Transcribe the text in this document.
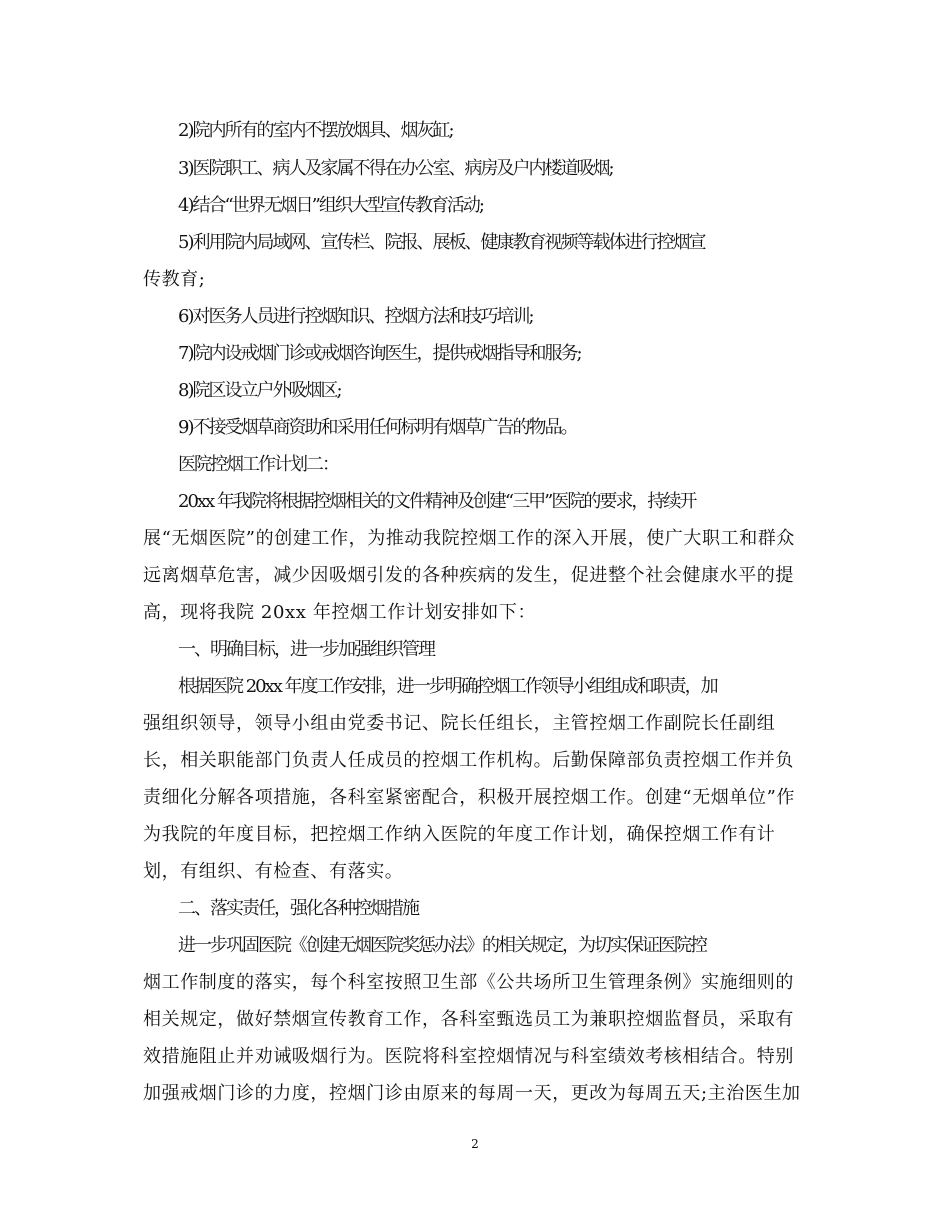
2)院内所有的室内不摆放烟具、烟灰缸;
3)医院职工、病人及家属不得在办公室、病房及户内楼道吸烟;
4)结合“世界无烟日”组织大型宣传教育活动;
5)利用院内局域网、宣传栏、院报、展板、健康教育视频等载体进行控烟宣
传教育;
6)对医务人员进行控烟知识、控烟方法和技巧培训;
7)院内设戒烟门诊或戒烟咨询医生，提供戒烟指导和服务;
8)院区设立户外吸烟区;
9)不接受烟草商资助和采用任何标明有烟草广告的物品。
医院控烟工作计划二：
20xx 年我院将根据控烟相关的文件精神及创建“三甲”医院的要求，持续开
展“无烟医院”的创建工作，为推动我院控烟工作的深入开展，使广大职工和群众
远离烟草危害，减少因吸烟引发的各种疾病的发生，促进整个社会健康水平的提
高，现将我院 20xx 年控烟工作计划安排如下：
一、明确目标，进一步加强组织管理
根据医院 20xx 年度工作安排，进一步明确控烟工作领导小组组成和职责，加
强组织领导，领导小组由党委书记、院长任组长，主管控烟工作副院长任副组
长，相关职能部门负责人任成员的控烟工作机构。后勤保障部负责控烟工作并负
责细化分解各项措施，各科室紧密配合，积极开展控烟工作。创建“无烟单位”作
为我院的年度目标，把控烟工作纳入医院的年度工作计划，确保控烟工作有计
划，有组织、有检查、有落实。
二、落实责任，强化各种控烟措施
进一步巩固医院《创建无烟医院奖惩办法》的相关规定，为切实保证医院控
烟工作制度的落实，每个科室按照卫生部《公共场所卫生管理条例》实施细则的
相关规定，做好禁烟宣传教育工作，各科室甄选员工为兼职控烟监督员，采取有
效措施阻止并劝诫吸烟行为。医院将科室控烟情况与科室绩效考核相结合。特别
加强戒烟门诊的力度，控烟门诊由原来的每周一天，更改为每周五天;主治医生加
2
